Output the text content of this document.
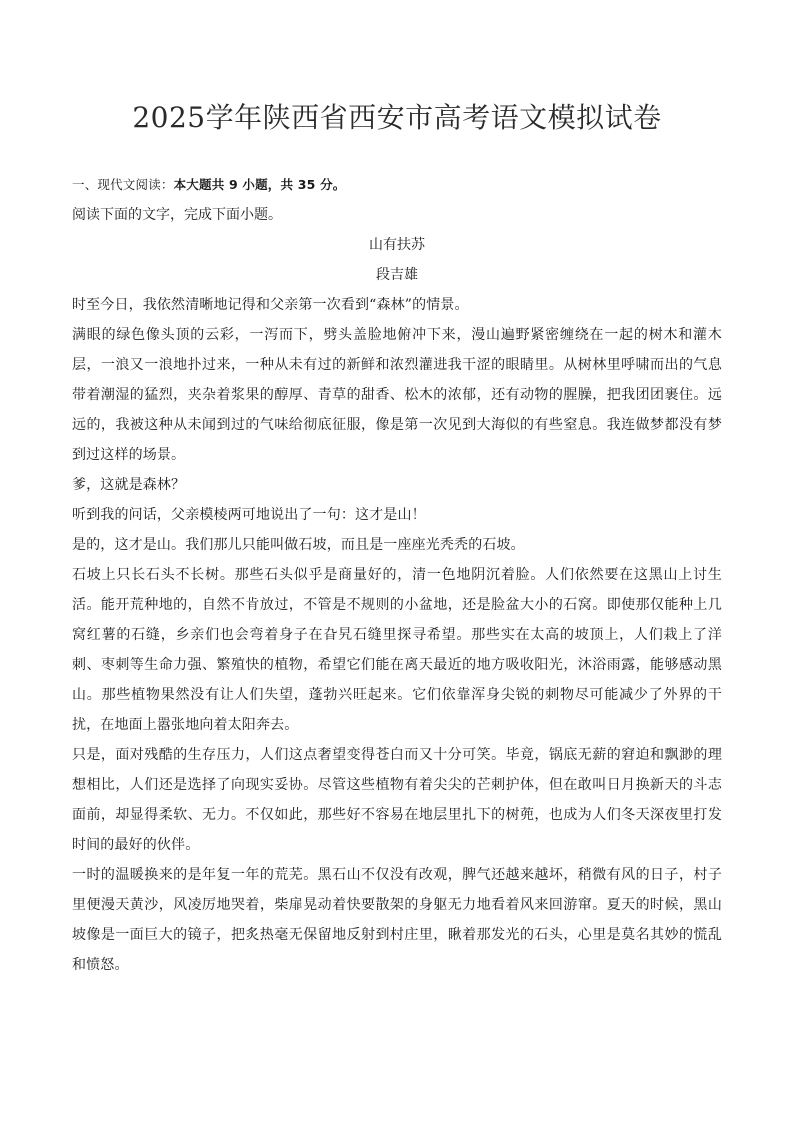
2025学年陕西省西安市高考语文模拟试卷
一、现代文阅读：本大题共 9 小题，共 35 分。

阅读下面的文字，完成下面小题。

山有扶苏

段吉雄

时至今日，我依然清晰地记得和父亲第一次看到“森林”的情景。

满眼的绿色像头顶的云彩，一泻而下，劈头盖脸地俯冲下来，漫山遍野紧密缠绕在一起的树木和灌木层，一浪又一浪地扑过来，一种从未有过的新鲜和浓烈灌进我干涩的眼睛里。从树林里呼啸而出的气息带着潮湿的猛烈，夹杂着浆果的醇厚、青草的甜香、松木的浓郁，还有动物的腥臊，把我团团裹住。远远的，我被这种从未闻到过的气味给彻底征服，像是第一次见到大海似的有些窒息。我连做梦都没有梦到过这样的场景。

爹，这就是森林？

听到我的问话，父亲模棱两可地说出了一句：这才是山！

是的，这才是山。我们那儿只能叫做石坡，而且是一座座光秃秃的石坡。

石坡上只长石头不长树。那些石头似乎是商量好的，清一色地阴沉着脸。人们依然要在这黑山上讨生活。能开荒种地的，自然不肯放过，不管是不规则的小盆地，还是脸盆大小的石窝。即使那仅能种上几窝红薯的石缝，乡亲们也会弯着身子在旮旯石缝里探寻希望。那些实在太高的坡顶上，人们栽上了洋刺、枣刺等生命力强、繁殖快的植物，希望它们能在离天最近的地方吸收阳光，沐浴雨露，能够感动黑山。那些植物果然没有让人们失望，蓬勃兴旺起来。它们依靠浑身尖锐的刺物尽可能减少了外界的干扰，在地面上嚣张地向着太阳奔去。

只是，面对残酷的生存压力，人们这点奢望变得苍白而又十分可笑。毕竟，锅底无薪的窘迫和飘渺的理想相比，人们还是选择了向现实妥协。尽管这些植物有着尖尖的芒刺护体，但在敢叫日月换新天的斗志面前，却显得柔软、无力。不仅如此，那些好不容易在地层里扎下的树蔸，也成为人们冬天深夜里打发时间的最好的伙伴。

一时的温暖换来的是年复一年的荒芜。黑石山不仅没有改观，脾气还越来越坏，稍微有风的日子，村子里便漫天黄沙，风凌厉地哭着，柴扉晃动着快要散架的身躯无力地看着风来回游窜。夏天的时候，黑山坡像是一面巨大的镜子，把炙热毫无保留地反射到村庄里，瞅着那发光的石头，心里是莫名其妙的慌乱和愤怒。
